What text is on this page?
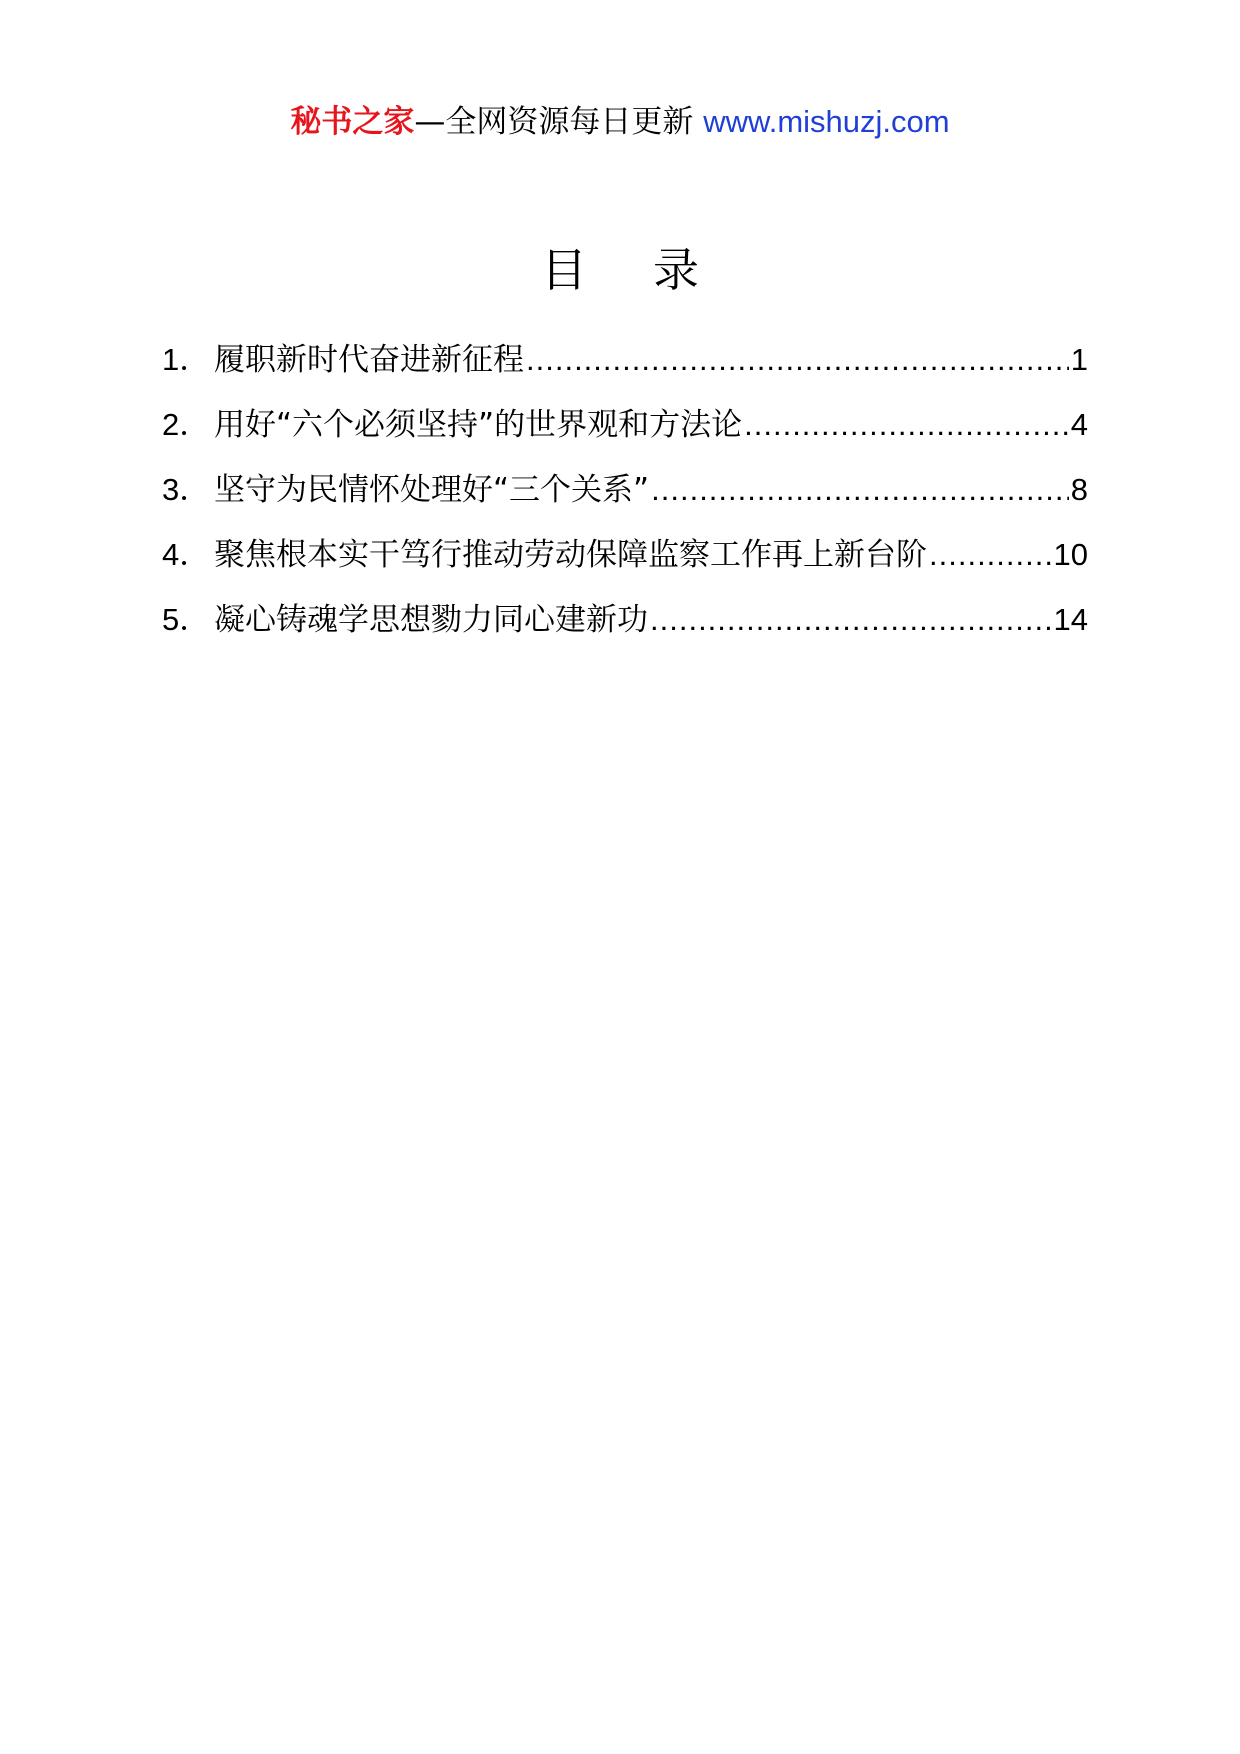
秘书之家—全网资源每日更新 www.mishuzj.com
目 录
1． 履职新时代奋进新征程 .....	1
2． 用好“六个必须坚持”的世界观和方法论 .....	4
3． 坚守为民情怀处理好“三个关系” .....	8
4． 聚焦根本实干笃行推动劳动保障监察工作再上新台阶 .....	10
5． 凝心铸魂学思想勠力同心建新功 .....	14
